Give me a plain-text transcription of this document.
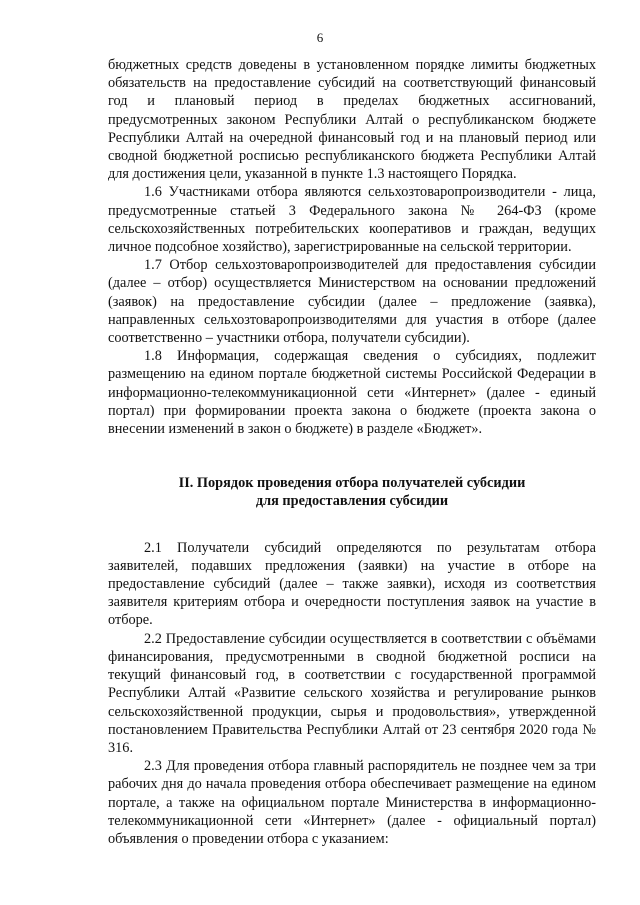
6

бюджетных средств доведены в установленном порядке лимиты бюджетных обязательств на предоставление субсидий на соответствующий финансовый год и плановый период в пределах бюджетных ассигнований, предусмотренных законом Республики Алтай о республиканском бюджете Республики Алтай на очередной финансовый год и на плановый период или сводной бюджетной росписью республиканского бюджета Республики Алтай для достижения цели, указанной в пункте 1.3 настоящего Порядка.

1.6 Участниками отбора являются сельхозтоваропроизводители - лица, предусмотренные статьей 3 Федерального закона № 264-ФЗ (кроме сельскохозяйственных потребительских кооперативов и граждан, ведущих личное подсобное хозяйство), зарегистрированные на сельской территории.

1.7 Отбор сельхозтоваропроизводителей для предоставления субсидии (далее – отбор) осуществляется Министерством на основании предложений (заявок) на предоставление субсидии (далее – предложение (заявка), направленных сельхозтоваропроизводителями для участия в отборе (далее соответственно – участники отбора, получатели субсидии).

1.8 Информация, содержащая сведения о субсидиях, подлежит размещению на едином портале бюджетной системы Российской Федерации в информационно-телекоммуникационной сети «Интернет» (далее - единый портал) при формировании проекта закона о бюджете (проекта закона о внесении изменений в закон о бюджете) в разделе «Бюджет».

II. Порядок проведения отбора получателей субсидии
для предоставления субсидии

2.1 Получатели субсидий определяются по результатам отбора заявителей, подавших предложения (заявки) на участие в отборе на предоставление субсидий (далее – также заявки), исходя из соответствия заявителя критериям отбора и очередности поступления заявок на участие в отборе.

2.2 Предоставление субсидии осуществляется в соответствии с объёмами финансирования, предусмотренными в сводной бюджетной росписи на текущий финансовый год, в соответствии с государственной программой Республики Алтай «Развитие сельского хозяйства и регулирование рынков сельскохозяйственной продукции, сырья и продовольствия», утвержденной постановлением Правительства Республики Алтай от 23 сентября 2020 года № 316.

2.3 Для проведения отбора главный распорядитель не позднее чем за три рабочих дня до начала проведения отбора обеспечивает размещение на едином портале, а также на официальном портале Министерства в информационно-телекоммуникационной сети «Интернет» (далее - официальный портал) объявления о проведении отбора с указанием:
